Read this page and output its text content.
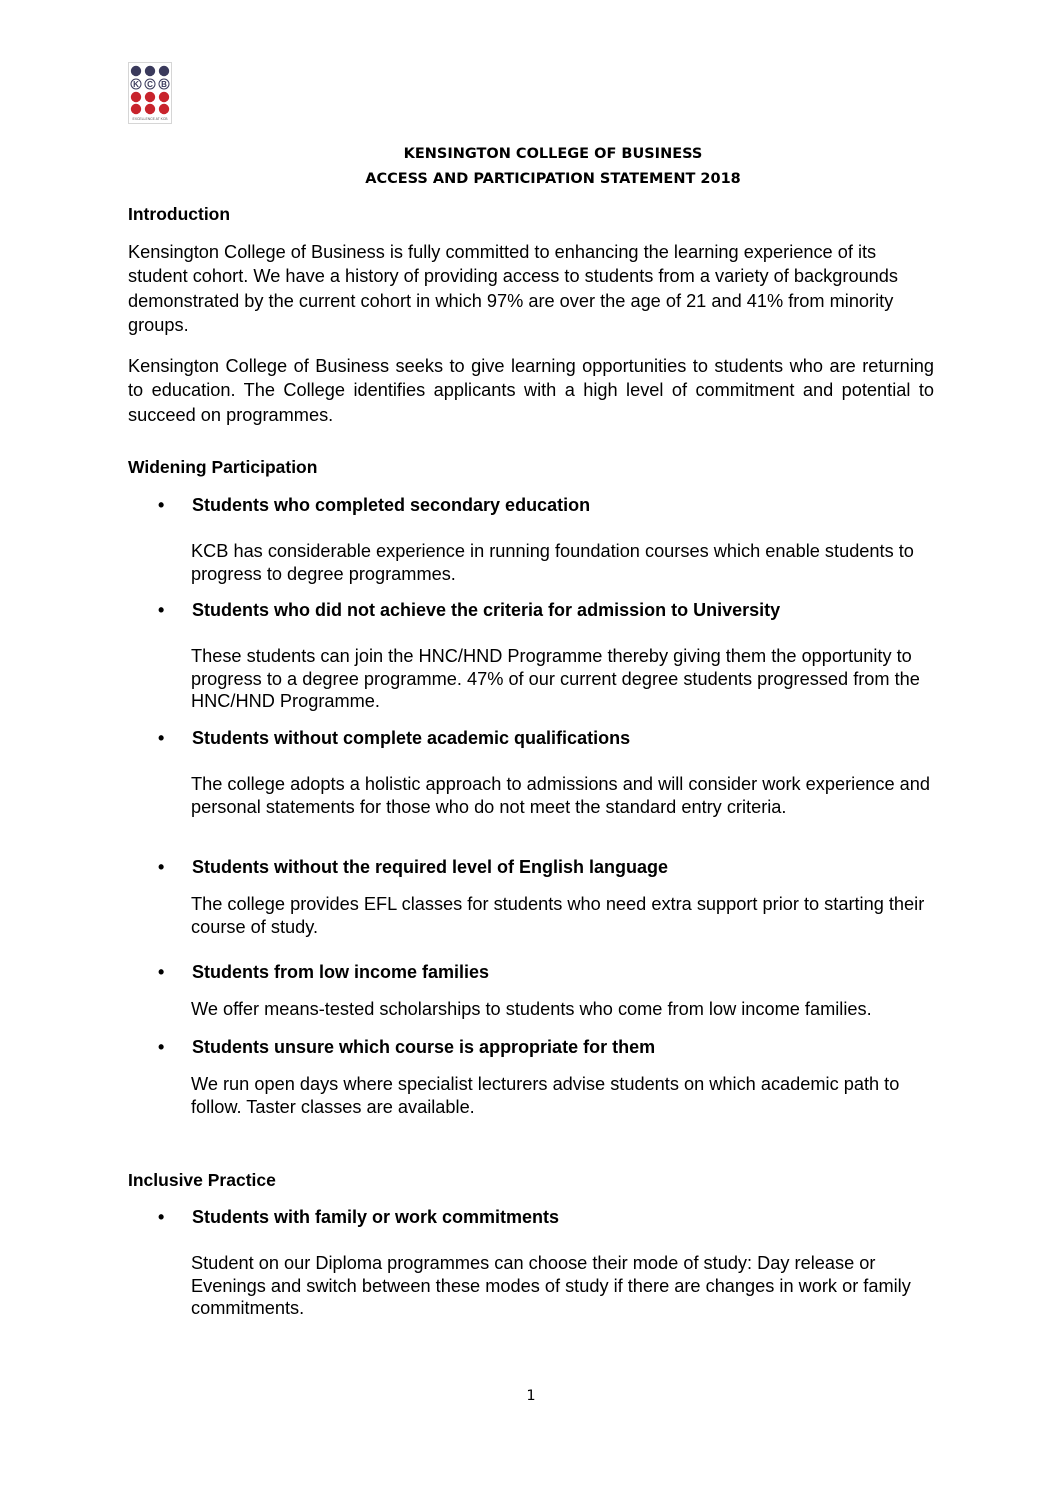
K C B
EXCELLENCE AT KCB
KENSINGTON COLLEGE OF BUSINESS
ACCESS AND PARTICIPATION STATEMENT 2018
Introduction
Kensington College of Business is fully committed to enhancing the learning experience of its student cohort. We have a history of providing access to students from a variety of backgrounds demonstrated by the current cohort in which 97% are over the age of 21 and 41% from minority groups.
Kensington College of Business seeks to give learning opportunities to students who are returning to education. The College identifies applicants with a high level of commitment and potential to succeed on programmes.
Widening Participation
• Students who completed secondary education
KCB has considerable experience in running foundation courses which enable students to progress to degree programmes.
• Students who did not achieve the criteria for admission to University
These students can join the HNC/HND Programme thereby giving them the opportunity to progress to a degree programme. 47% of our current degree students progressed from the HNC/HND Programme.
• Students without complete academic qualifications
The college adopts a holistic approach to admissions and will consider work experience and personal statements for those who do not meet the standard entry criteria.
• Students without the required level of English language
The college provides EFL classes for students who need extra support prior to starting their course of study.
• Students from low income families
We offer means-tested scholarships to students who come from low income families.
• Students unsure which course is appropriate for them
We run open days where specialist lecturers advise students on which academic path to follow. Taster classes are available.
Inclusive Practice
• Students with family or work commitments
Student on our Diploma programmes can choose their mode of study: Day release or Evenings and switch between these modes of study if there are changes in work or family commitments.
1
